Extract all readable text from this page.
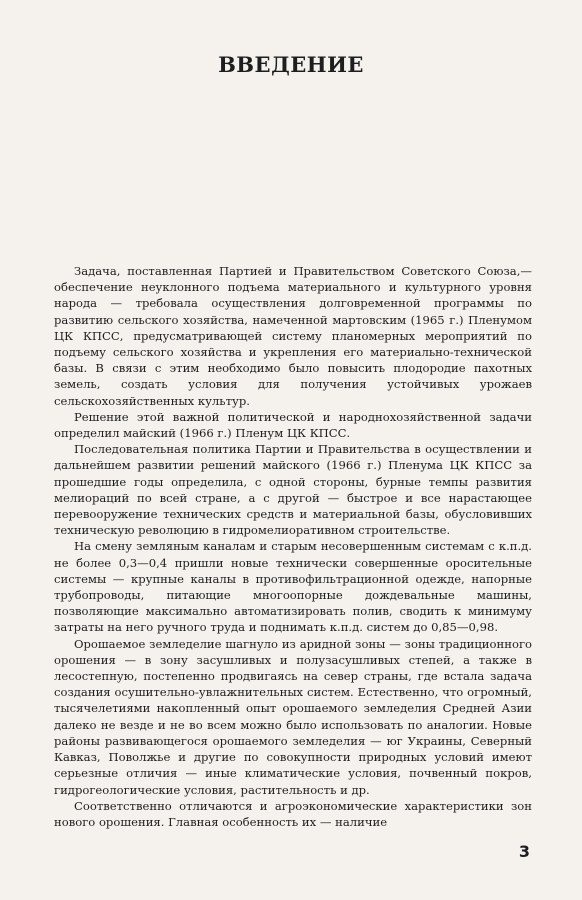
ВВЕДЕНИЕ

Задача, поставленная Партией и Правительством Советского Союза,— обеспечение неуклонного подъема материального и культурного уровня народа — требовала осуществления долговременной программы по развитию сельского хозяйства, намеченной мартовским (1965 г.) Пленумом ЦК КПСС, предусматривающей систему планомерных мероприятий по подъему сельского хозяйства и укрепления его материально-технической базы. В связи с этим необходимо было повысить плодородие пахотных земель, создать условия для получения устойчивых урожаев сельскохозяйственных культур.

Решение этой важной политической и народнохозяйственной задачи определил майский (1966 г.) Пленум ЦК КПСС.

Последовательная политика Партии и Правительства в осуществлении и дальнейшем развитии решений майского (1966 г.) Пленума ЦК КПСС за прошедшие годы определила, с одной стороны, бурные темпы развития мелиораций по всей стране, а с другой — быстрое и все нарастающее перевооружение технических средств и материальной базы, обусловивших техническую революцию в гидромелиоративном строительстве.

На смену земляным каналам и старым несовершенным системам с к.п.д. не более 0,3—0,4 пришли новые технически совершенные оросительные системы — крупные каналы в противофильтрационной одежде, напорные трубопроводы, питающие многоопорные дождевальные машины, позволяющие максимально автоматизировать полив, сводить к минимуму затраты на него ручного труда и поднимать к.п.д. систем до 0,85—0,98.

Орошаемое земледелие шагнуло из аридной зоны — зоны традиционного орошения — в зону засушливых и полузасушливых степей, а также в лесостепную, постепенно продвигаясь на север страны, где встала задача создания осушительно-увлажнительных систем. Естественно, что огромный, тысячелетиями накопленный опыт орошаемого земледелия Средней Азии далеко не везде и не во всем можно было использовать по аналогии. Новые районы развивающегося орошаемого земледелия — юг Украины, Северный Кавказ, Поволжье и другие по совокупности природных условий имеют серьезные отличия — иные климатические условия, почвенный покров, гидрогеологические условия, растительность и др.

Соответственно отличаются и агроэкономические характеристики зон нового орошения. Главная особенность их — наличие

3
